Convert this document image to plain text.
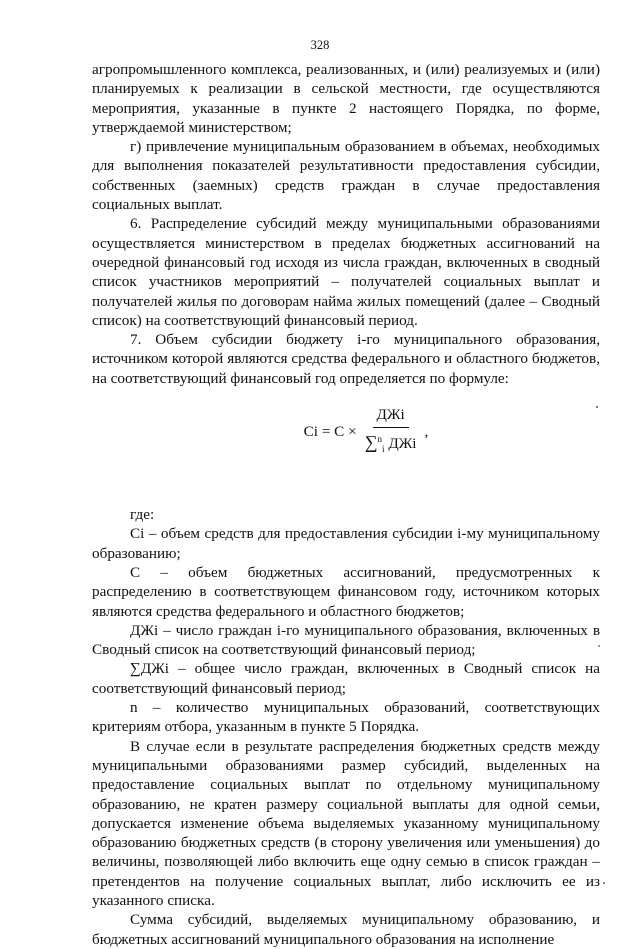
328

агропромышленного комплекса, реализованных, и (или) реализуемых и (или) планируемых к реализации в сельской местности, где осуществляются мероприятия, указанные в пункте 2 настоящего Порядка, по форме, утверждаемой министерством;

г) привлечение муниципальным образованием в объемах, необходимых для выполнения показателей результативности предоставления субсидии, собственных (заемных) средств граждан в случае предоставления социальных выплат.

6. Распределение субсидий между муниципальными образованиями осуществляется министерством в пределах бюджетных ассигнований на очередной финансовый год исходя из числа граждан, включенных в сводный список участников мероприятий – получателей социальных выплат и получателей жилья по договорам найма жилых помещений (далее – Сводный список) на соответствующий финансовый период.

7. Объем субсидии бюджету i-го муниципального образования, источником которой являются средства федерального и областного бюджетов, на соответствующий финансовый год определяется по формуле:

$Ci = C \times \frac{\text{ДЖi}}{\sum^n_i ДЖi}$ ,

где:

Ci – объем средств для предоставления субсидии i-му муниципальному образованию;

С – объем бюджетных ассигнований, предусмотренных к распределению в соответствующем финансовом году, источником которых являются средства федерального и областного бюджетов;

ДЖi – число граждан i-го муниципального образования, включенных в Сводный список на соответствующий финансовый период;

∑ДЖi – общее число граждан, включенных в Сводный список на соответствующий финансовый период;

n – количество муниципальных образований, соответствующих критериям отбора, указанным в пункте 5 Порядка.

В случае если в результате распределения бюджетных средств между муниципальными образованиями размер субсидий, выделенных на предоставление социальных выплат по отдельному муниципальному образованию, не кратен размеру социальной выплаты для одной семьи, допускается изменение объема выделяемых указанному муниципальному образованию бюджетных средств (в сторону увеличения или уменьшения) до величины, позволяющей либо включить еще одну семью в список граждан – претендентов на получение социальных выплат, либо исключить ее из указанного списка.

Сумма субсидий, выделяемых муниципальному образованию, и бюджетных ассигнований муниципального образования на исполнение
